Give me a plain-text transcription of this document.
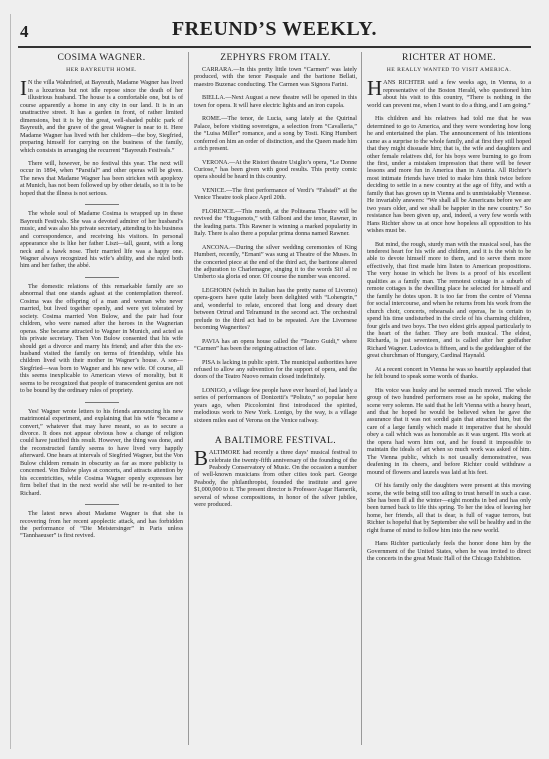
4	FREUND’S WEEKLY.
COSIMA WAGNER.
HER BAYREUTH HOME.

IN the villa Wahnfried, at Bayreuth, Madame Wagner has lived in a luxurious but not idle repose since the death of her illustrious husband. The house is a comfortable one, but is of course apparently a home in any city in our land. It is in an unattractive street. It has a garden in front, of rather limited dimensions, but it is by the great, well-shaded public park of Bayreuth, and the grave of the great Wagner is near to it. Here Madame Wagner has lived with her children—the boy, Siegfried, preparing himself for carrying on the business of the family, which consists in arranging the recurrent “Bayreuth Festivals.”

There will, however, be no festival this year. The next will occur in 1894, when “Parsifal” and other operas will be given. The news that Madame Wagner has been stricken with apoplexy at Munich, has not been followed up by other details, so it is to be hoped that the illness is not serious.

The whole soul of Madame Cosima is wrapped up in these Bayreuth Festivals. She was a devoted admirer of her husband’s music, and was also his private secretary, attending to his business and correspondence, and receiving his visitors. In personal appearance she is like her father Liszt—tall, gaunt, with a long neck and a hawk nose. Their married life was a happy one. Wagner always recognized his wife’s ability, and she ruled both him and her father, the abbé.

The domestic relations of this remarkable family are so abnormal that one stands aghast at the contemplation thereof. Cosima was the offspring of a man and woman who never married, but lived together openly, and were yet tolerated by society. Cosima married Von Bulow, and the pair had four children, who were named after the heroes in the Wagnerian operas. She became attracted to Wagner in Munich, and acted as his private secretary. Then Von Bulow consented that his wife should get a divorce and marry his friend; and after this the ex-husband visited the family on terms of friendship, while his children lived with their mother in Wagner’s house. A son—Siegfried—was born to Wagner and his new wife. Of course, all this seems inexplicable to American views of morality, but it seems to be recognized that people of transcendent genius are not to be bound by the ordinary rules of propriety.

Yes! Wagner wrote letters to his friends announcing his new matrimonial experiment, and explaining that his wife “became a convert,” whatever that may have meant, so as to secure a divorce. It does not appear obvious how a change of religion could have justified this result. However, the thing was done, and the reconstructed family seems to have lived very happily afterward. One hears at intervals of Siegfried Wagner, but the Von Bulow children remain in obscurity as far as more publicity is concerned. Von Bulow plays at concerts, and attracts attention by his eccentricities, while Cosima Wagner openly expresses her firm belief that in the next world she will be re-united to her Richard.

The latest news about Madame Wagner is that she is recovering from her recent apoplectic attack, and has forbidden the performance of “Die Meistersinger” in Paris unless “Tannhaeuser” is first revived.

ZEPHYRS FROM ITALY.

CARRARA.—In this pretty little town “Carmen” was lately produced, with the tenor Pasquale and the baritone Bellati, maestro Buzenac conducting. The Carmen was Signora Farini.

BIELLA.—Next August a new theatre will be opened in this town for opera. It will have electric lights and an iron cupola.

ROME.—The tenor, de Lucia, sang lately at the Quirinal Palace, before visiting sovereigns, a selection from “Cavalleria,” the “Luisa Miller” romance, and a song by Tosti. King Humbert conferred on him an order of distinction, and the Queen made him a rich present.

VERONA.—At the Ristori theatre Usiglio’s opera, “Le Donne Curiose,” has been given with good results. This pretty comic opera should be heard in this country.

VENICE.—The first performance of Verdi’s “Falstaff” at the Venice Theatre took place April 20th.

FLORENCE.—This month, at the Politeama Theatre will be revived the “Huguenots,” with Gilboni and the tenor, Rawner, in the leading parts. This Rawner is winning a marked popularity in Italy. There is also there a popular prima donna named Rawner.

ANCONA.—During the silver wedding ceremonies of King Humbert, recently, “Ernani” was sung at Theatre of the Muses. In the concerted piece at the end of the third act, the baritone altered the adjuration to Charlemagne, singing it to the words Sii! al re Umberto sia gloria ed onor. Of course the number was encored.

LEGHORN (which in Italian has the pretty name of Livorno) opera-goers have quite lately been delighted with “Lohengrin,” and, wonderful to relate, encored that long and dreary duet between Ortrud and Telramund in the second act. The orchestral prelude to the third act had to be repeated. Are the Livornese becoming Wagnerites?

PAVIA has an opera house called the “Teatro Guidi,” where “Carmen” has been the reigning attraction of late.

PISA is lacking in public spirit. The municipal authorities have refused to allow any subvention for the support of opera, and the doors of the Teatro Nuovo remain closed indefinitely.

LONIGO, a village few people have ever heard of, had lately a series of performances of Donizetti’s “Poliuto,” so popular here years ago, when Piccolomini first introduced the spirited, melodious work to New York. Lonigo, by the way, is a village sixteen miles east of Verona on the Venice railway.

A BALTIMORE FESTIVAL.

BALTIMORE had recently a three days’ musical festival to celebrate the twenty-fifth anniversary of the founding of the Peabody Conservatory of Music. On the occasion a number of well-known musicians from other cities took part. George Peabody, the philanthropist, founded the institute and gave $1,000,000 to it. The present director is Professor Asgar Hamerik, several of whose compositions, in honor of the silver jubilee, were produced.

RICHTER AT HOME.
HE REALLY WANTED TO VISIT AMERICA.

HANS RICHTER said a few weeks ago, in Vienna, to a representative of the Boston Herald, who questioned him about his visit to this country, “There is nothing in the world can prevent me, when I want to do a thing, and I am going.”

His children and his relatives had told me that he was determined to go to America, and they were wondering how long he and entertained the plan. The announcement of his intentions came as a surprise to the whole family, and at first they still hoped that they might dissuade him; that is, the wife and daughters and other female relatives did, for his boys were burning to go from the first, under a mistaken impression that there will be fewer lessons and more fun in America than in Austria. All Richter’s most intimate friends have tried to make him think twice before deciding to settle in a new country at the age of fifty, and with a family that has grown up in Vienna and is unmistakably Viennese. He invariably answers: “We shall all be Americans before we are two years older, and we shall be happier in the new country.” So resistance has been given up, and, indeed, a very few words with Hans Richter show us at once how hopeless all opposition to his wishes must be.

But mind, the rough, sturdy man with the musical soul, has the tenderest heart for his wife and children, and it is the wish to be able to devote himself more to them, and to serve them more effectively, that first made him listen to American propositions. The very house in which he lives is a proof of his excellent qualities as a family man. The remotest cottage in a suburb of remote cottages is the dwelling place he selected for himself and the family he dotes upon. It is too far from the centre of Vienna for social intercourse, and when he returns from his work from the church choir, concerts, rehearsals and operas, he is certain to spend his time undisturbed in the circle of his charming children, four girls and two boys. The two eldest girls appeal particularly to the heart of the father. They are both musical. The eldest, Richarda, is just seventeen, and is called after her godfather Richard Wagner. Ludovica is fifteen, and is the goddaughter of the great churchman of Hungary, Cardinal Haynald.

At a recent concert in Vienna he was so heartily applauded that he felt bound to speak some words of thanks.

His voice was husky and he seemed much moved. The whole group of two hundred performers rose as he spoke, making the scene very solemn. He said that he left Vienna with a heavy heart, and that he hoped he would be believed when he gave the assurance that it was not sordid gain that attracted him, but the care of a large family which made it imperative that he should obey a call which was as honorable as it was urgent. His work at the opera had worn him out, and he found it impossible to maintain the ideals of art when so much work was asked of him. The Vienna public, which is not usually demonstrative, was deafening in its cheers, and before Richter could withdraw a mound of flowers and laurels was laid at his feet.

Of his family only the daughters were present at this moving scene, the wife being still too ailing to trust herself in such a case. She has been ill all the winter—eight months in bed and has only been turned back to life this spring. To her the idea of leaving her home, her friends, all that is dear, is full of vague terrors, but Richter is hopeful that by September she will be healthy and in the right frame of mind to follow him into the new world.

Hans Richter particularly feels the honor done him by the Government of the United States, when he was invited to direct the concerts in the great Music Hall of the Chicago Exhibition.
